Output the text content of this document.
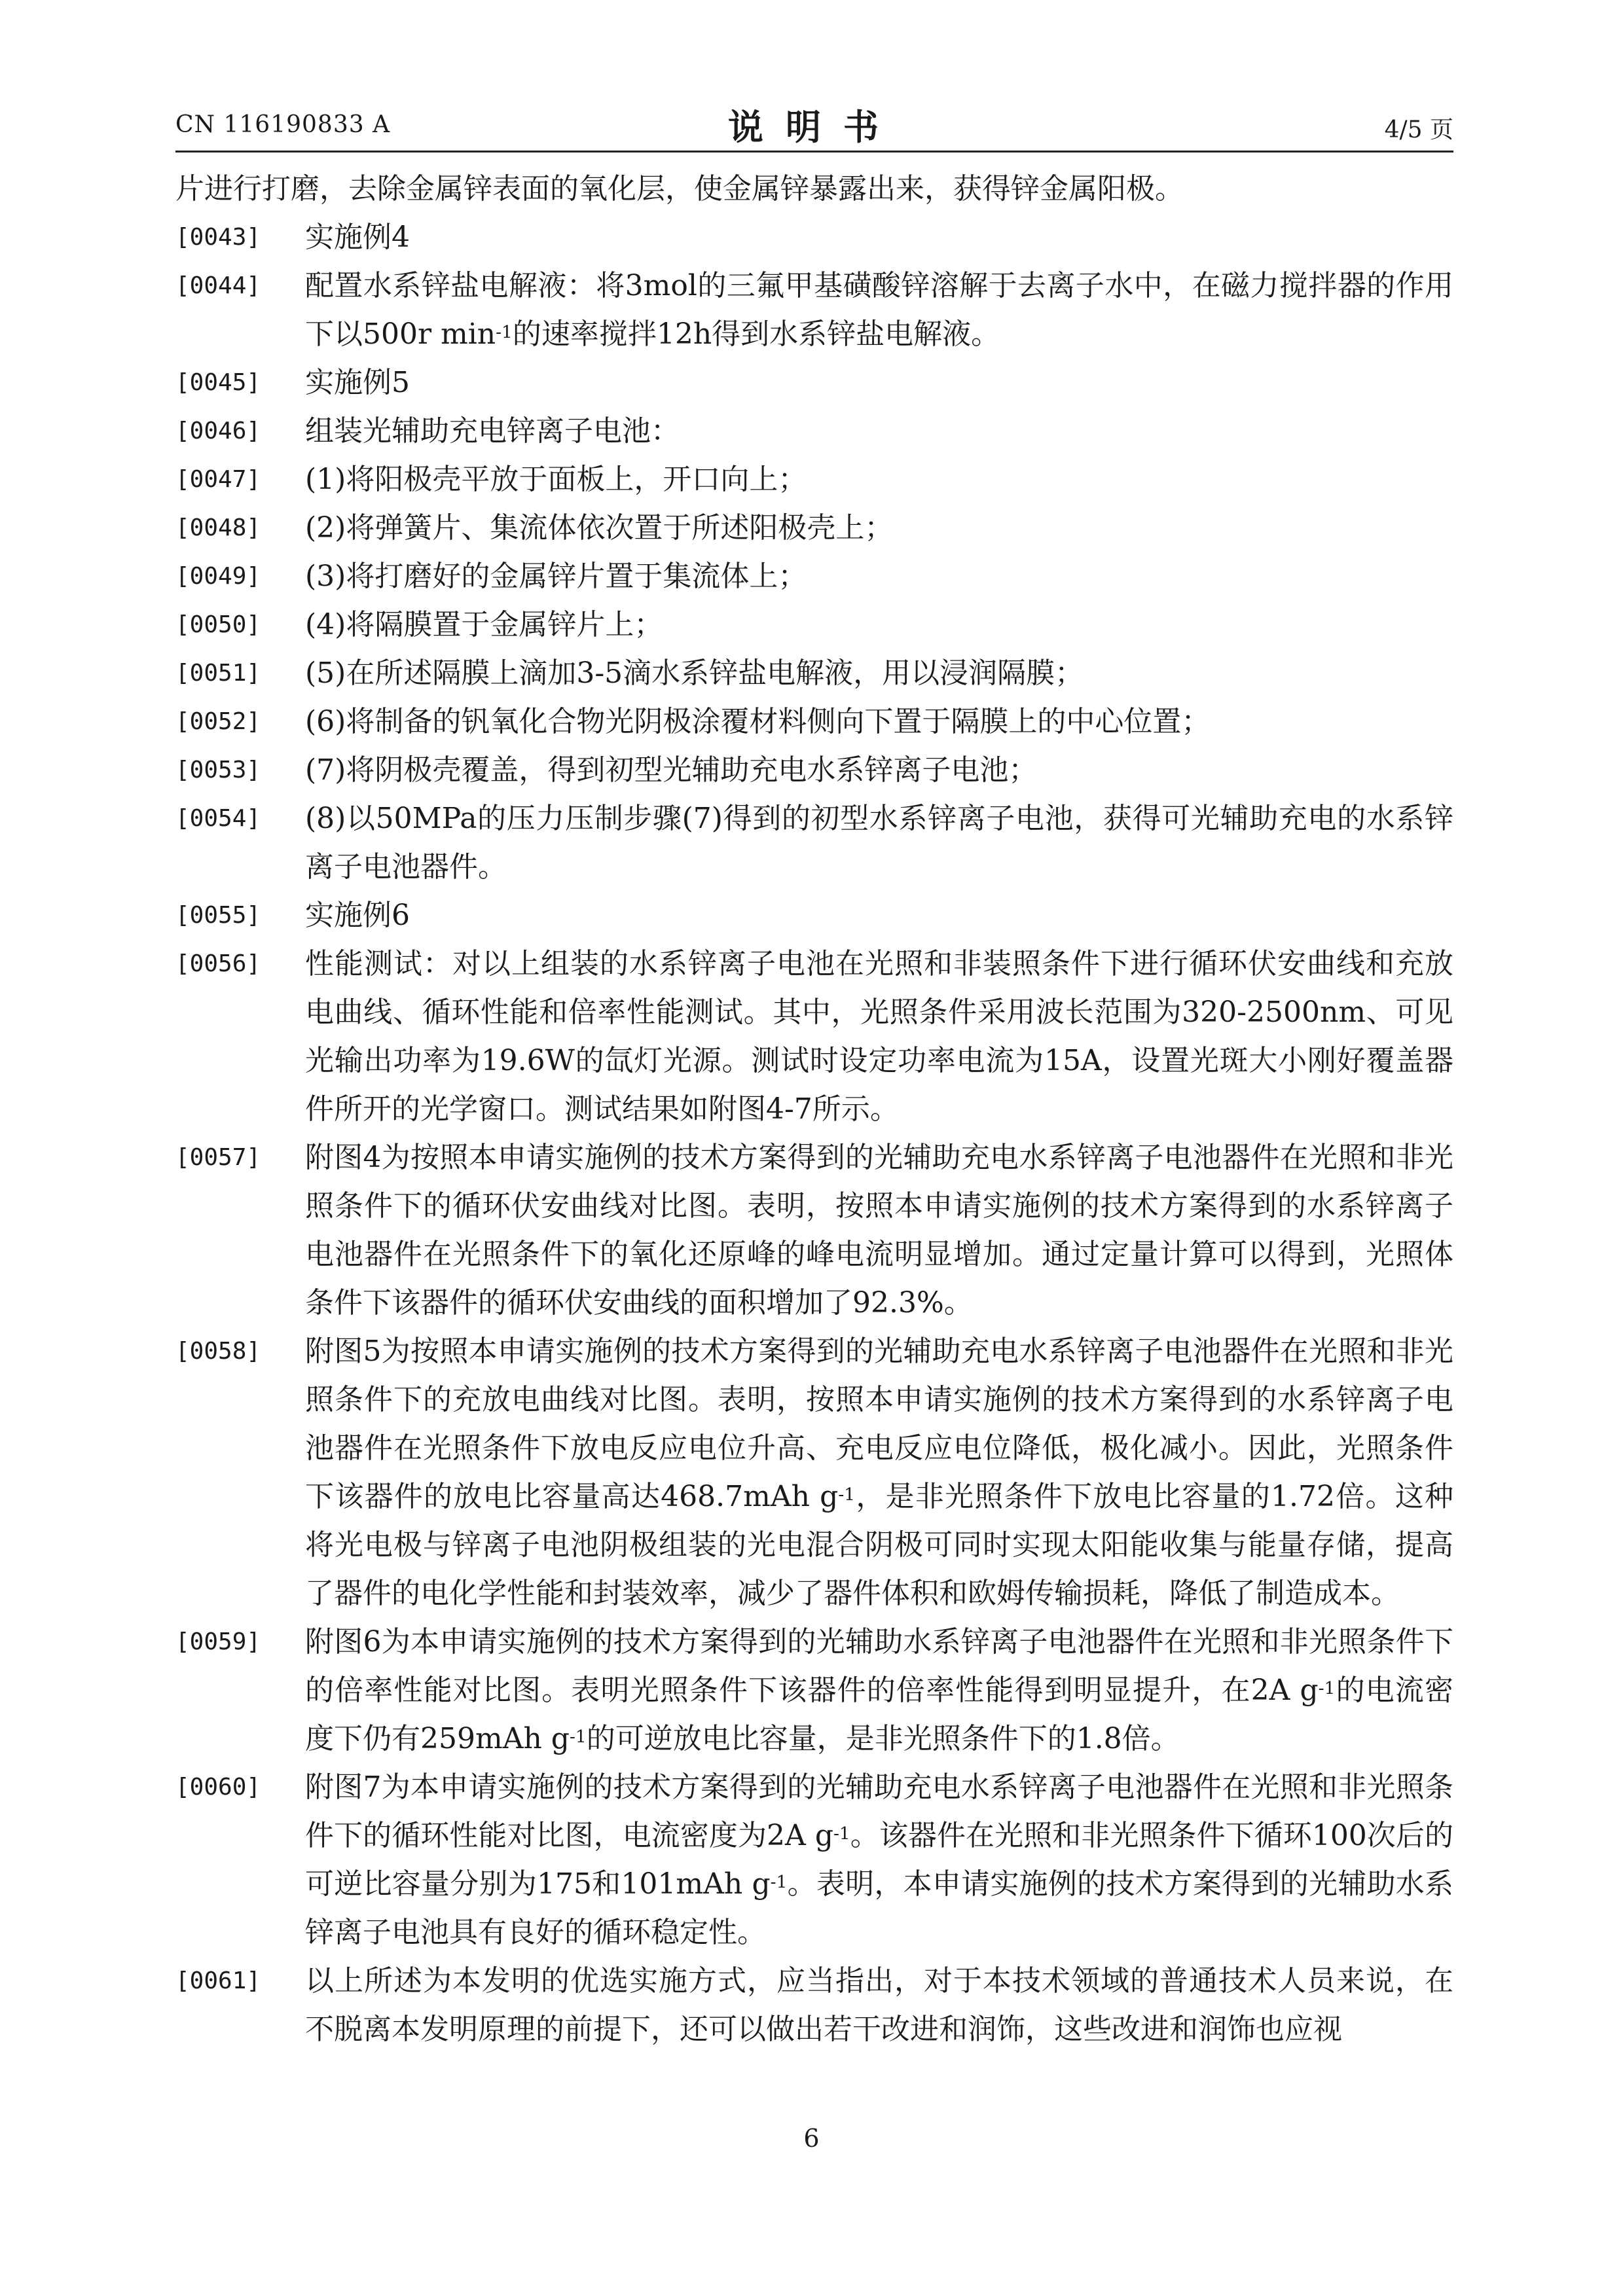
CN 116190833 A	说明书	4/5 页
片进行打磨，去除金属锌表面的氧化层，使金属锌暴露出来，获得锌金属阳极。
[0043]	实施例4
[0044]	配置水系锌盐电解液：将3mol的三氟甲基磺酸锌溶解于去离子水中，在磁力搅拌器的作用下以500r $\min^{-1}$的速率搅拌12h得到水系锌盐电解液。
[0045]	实施例5
[0046]	组装光辅助充电锌离子电池：
[0047]	(1)将阳极壳平放于面板上，开口向上；
[0048]	(2)将弹簧片、集流体依次置于所述阳极壳上；
[0049]	(3)将打磨好的金属锌片置于集流体上；
[0050]	(4)将隔膜置于金属锌片上；
[0051]	(5)在所述隔膜上滴加3-5滴水系锌盐电解液，用以浸润隔膜；
[0052]	(6)将制备的钒氧化合物光阴极涂覆材料侧向下置于隔膜上的中心位置；
[0053]	(7)将阴极壳覆盖，得到初型光辅助充电水系锌离子电池；
[0054]	(8)以50MPa的压力压制步骤(7)得到的初型水系锌离子电池，获得可光辅助充电的水系锌离子电池器件。
[0055]	实施例6
[0056]	性能测试：对以上组装的水系锌离子电池在光照和非装照条件下进行循环伏安曲线和充放电曲线、循环性能和倍率性能测试。其中，光照条件采用波长范围为320-2500nm、可见光输出功率为19.6W的氙灯光源。测试时设定功率电流为15A，设置光斑大小刚好覆盖器件所开的光学窗口。测试结果如附图4-7所示。
[0057]	附图4为按照本申请实施例的技术方案得到的光辅助充电水系锌离子电池器件在光照和非光照条件下的循环伏安曲线对比图。表明，按照本申请实施例的技术方案得到的水系锌离子电池器件在光照条件下的氧化还原峰的峰电流明显增加。通过定量计算可以得到，光照体条件下该器件的循环伏安曲线的面积增加了92.3%。
[0058]	附图5为按照本申请实施例的技术方案得到的光辅助充电水系锌离子电池器件在光照和非光照条件下的充放电曲线对比图。表明，按照本申请实施例的技术方案得到的水系锌离子电池器件在光照条件下放电反应电位升高、充电反应电位降低，极化减小。因此，光照条件下该器件的放电比容量高达468.7mAh $g^{-1}$，是非光照条件下放电比容量的1.72倍。这种将光电极与锌离子电池阴极组装的光电混合阴极可同时实现太阳能收集与能量存储，提高了器件的电化学性能和封装效率，减少了器件体积和欧姆传输损耗，降低了制造成本。
[0059]	附图6为本申请实施例的技术方案得到的光辅助水系锌离子电池器件在光照和非光照条件下的倍率性能对比图。表明光照条件下该器件的倍率性能得到明显提升，在2A $g^{-1}$的电流密度下仍有259mAh $g^{-1}$的可逆放电比容量，是非光照条件下的1.8倍。
[0060]	附图7为本申请实施例的技术方案得到的光辅助充电水系锌离子电池器件在光照和非光照条件下的循环性能对比图，电流密度为2A $g^{-1}$。该器件在光照和非光照条件下循环100次后的可逆比容量分别为175和101mAh $g^{-1}$。表明，本申请实施例的技术方案得到的光辅助水系锌离子电池具有良好的循环稳定性。
[0061]	以上所述为本发明的优选实施方式，应当指出，对于本技术领域的普通技术人员来说，在不脱离本发明原理的前提下，还可以做出若干改进和润饰，这些改进和润饰也应视
6
